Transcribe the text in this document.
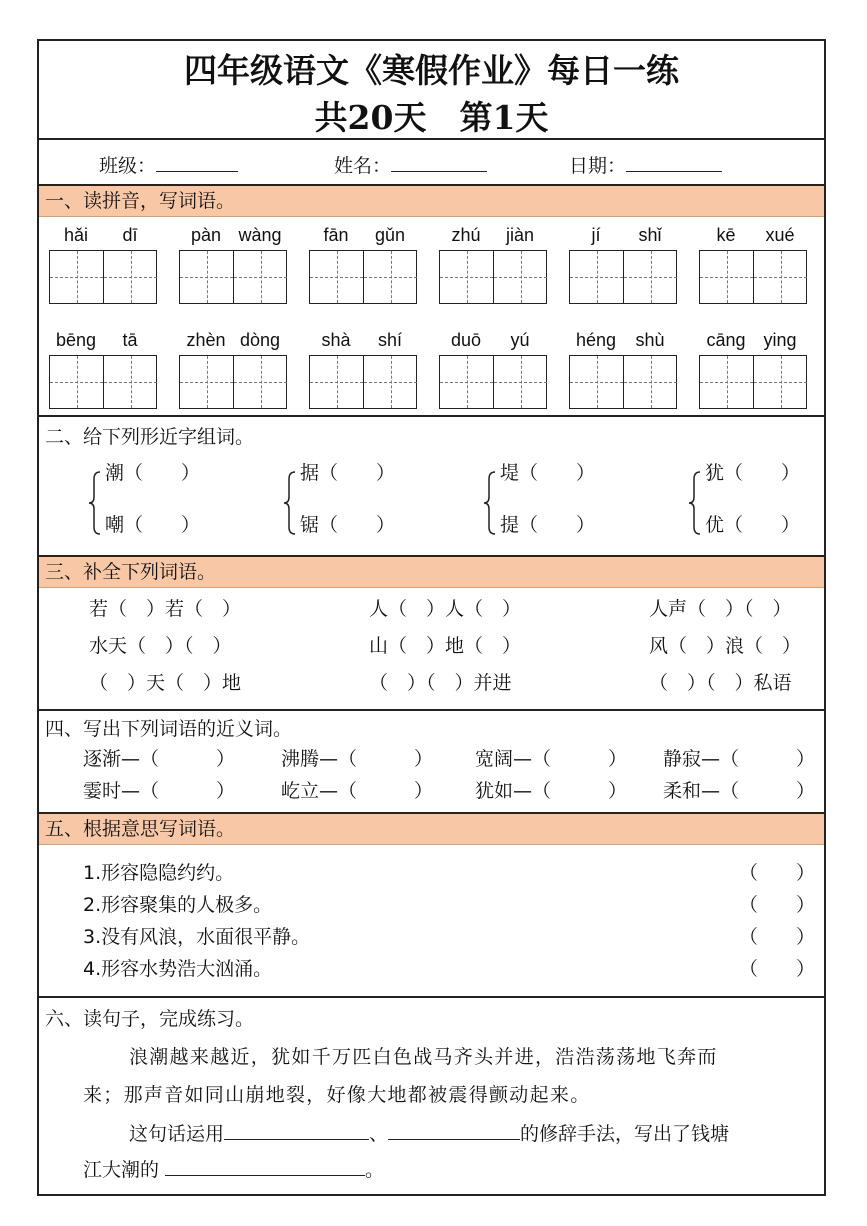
四年级语文《寒假作业》每日一练
共20天　第1天
班级：	姓名：	日期：
一、读拼音，写词语。
hǎi	dī	pàn wàng	fān	gǔn	zhú	jiàn	jí	shǐ	kē	xué
bēng	tā	zhèn dòng	shà	shí	duō	yú	héng	shù	cāng ying
二、给下列形近字组词。
潮（　　）
嘲（　　）
据（　　）
锯（　　）
堤（　　）
提（　　）
犹（　　）
优（　　）
三、补全下列词语。
若（　）若（　）	人（　）人（　）	人声（　）（　）
水天（　）（　）	山（　）地（　）	风（　）浪（　）
（　）天（　）地	（　）（　）并进	（　）（　）私语
四、写出下列词语的近义词。
逐渐—（　　　） 沸腾—（　　　） 宽阔—（　　　） 静寂—（　　　）
霎时—（　　　） 屹立—（　　　） 犹如—（　　　） 柔和—（　　　）
五、根据意思写词语。
1.形容隐隐约约。	（　　）
2.形容聚集的人极多。	（　　）
3.没有风浪，水面很平静。	（　　）
4.形容水势浩大汹涌。	（　　）
六、读句子，完成练习。
浪潮越来越近，犹如千万匹白色战马齐头并进，浩浩荡荡地飞奔而
来；那声音如同山崩地裂，好像大地都被震得颤动起来。
这句话运用	、	的修辞手法，写出了钱塘
江大潮的	。
